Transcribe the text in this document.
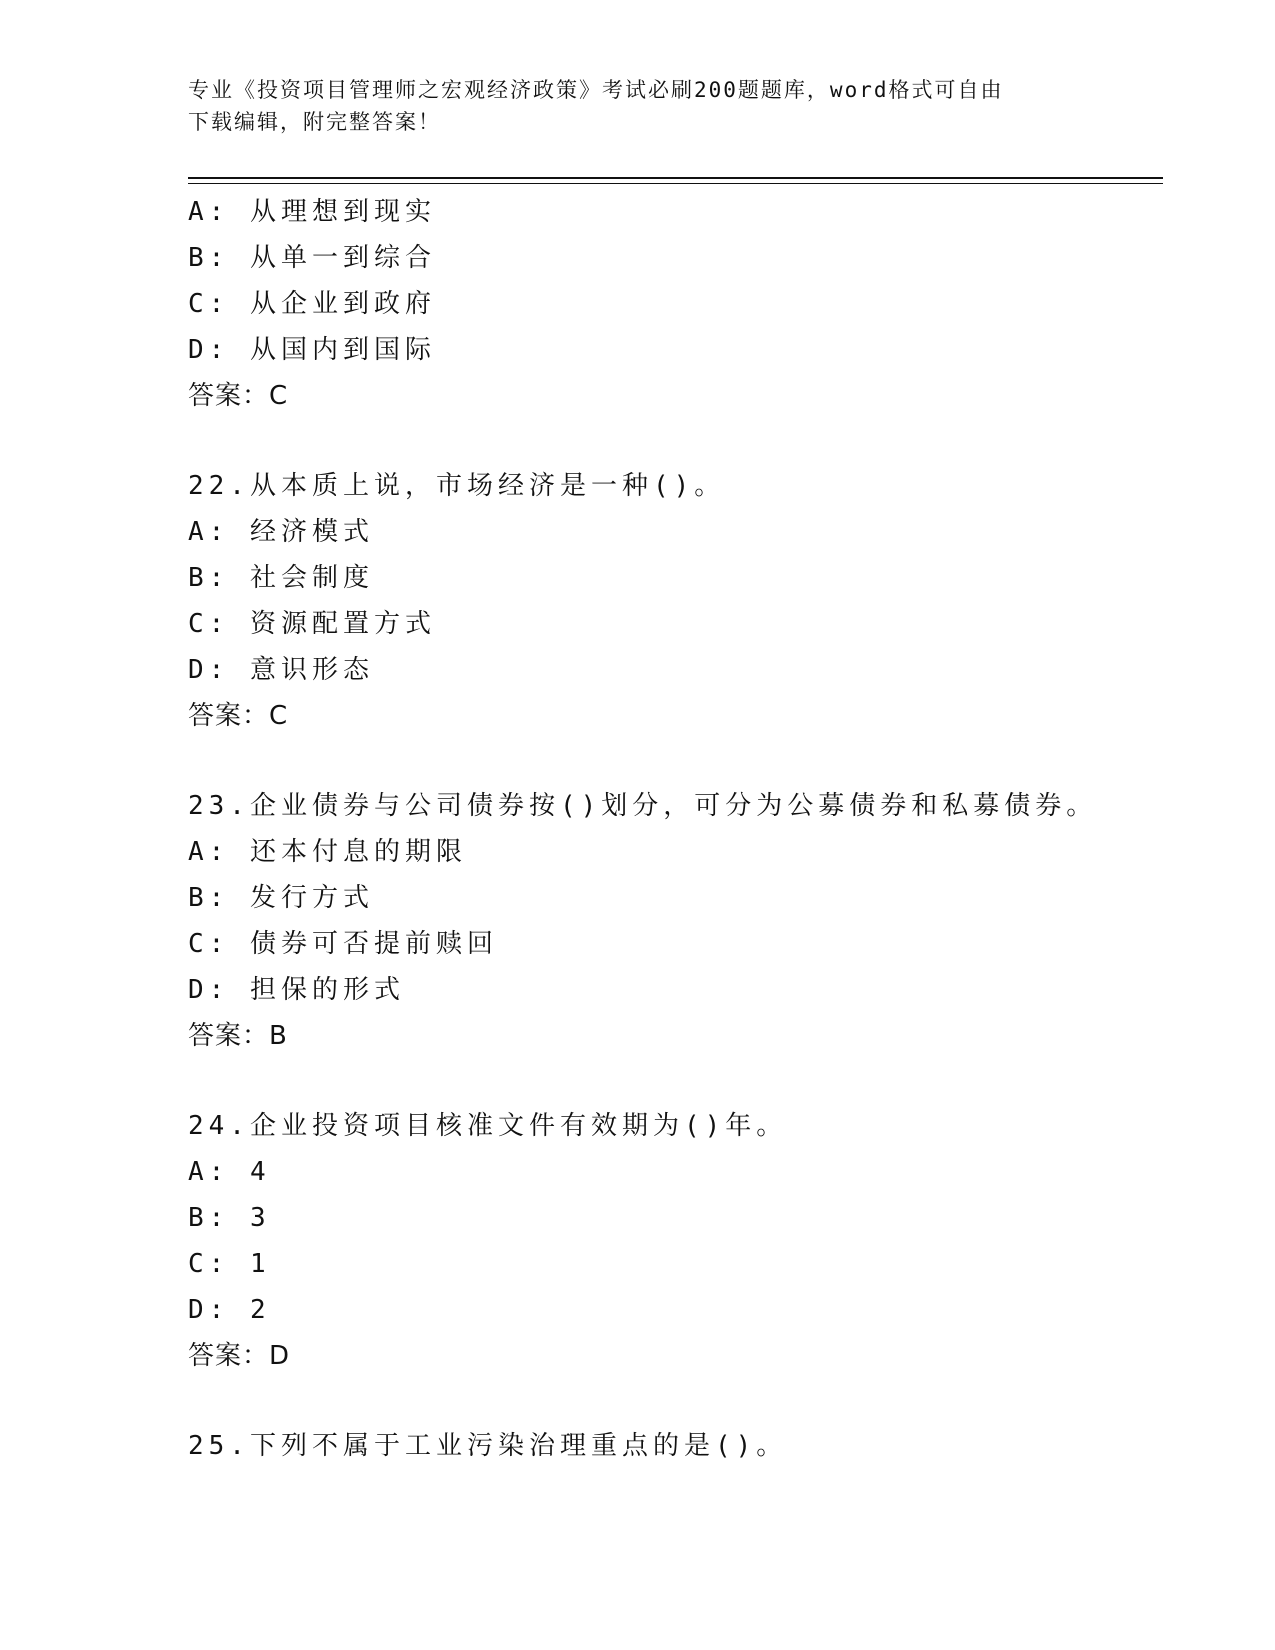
专业《投资项目管理师之宏观经济政策》考试必刷200题题库，word格式可自由
下载编辑，附完整答案！
A: 从理想到现实
B: 从单一到综合
C: 从企业到政府
D: 从国内到国际
答案：C
22.从本质上说，市场经济是一种()。
A: 经济模式
B: 社会制度
C: 资源配置方式
D: 意识形态
答案：C
23.企业债券与公司债券按()划分，可分为公募债券和私募债券。
A: 还本付息的期限
B: 发行方式
C: 债券可否提前赎回
D: 担保的形式
答案：B
24.企业投资项目核准文件有效期为()年。
A: 4
B: 3
C: 1
D: 2
答案：D
25.下列不属于工业污染治理重点的是()。
